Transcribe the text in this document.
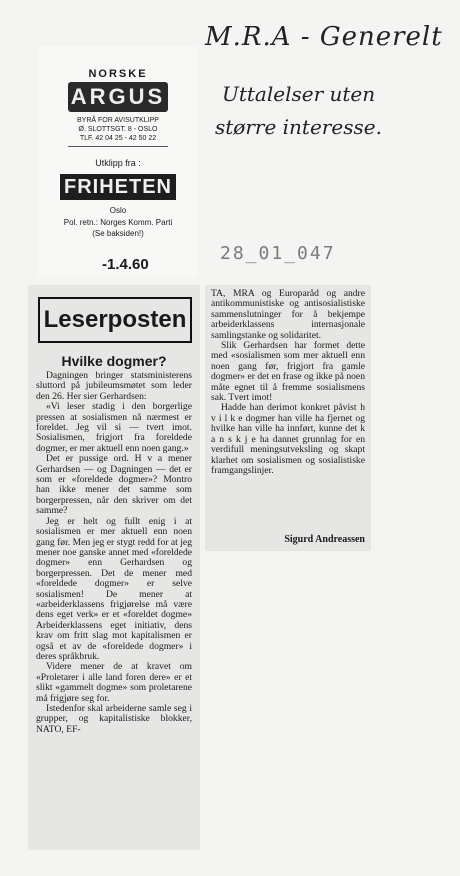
M.R.A - Generelt
Uttalelser uten
større interesse.
28_01_047
NORSKE
ARGUS
BYRÅ FOR AVISUTKLIPP
Ø. SLOTTSGT. 8 - OSLO
TLF. 42 04 25 - 42 50 22
Utklipp fra :
FRIHETEN
Oslo
Pol. retn.: Norges Komm. Parti
(Se baksiden!)
-1.4.60
Leserposten
Hvilke dogmer?

Dagningen bringer statsministerens sluttord på jubileumsmøtet som leder den 26. Her sier Gerhardsen:

«Vi leser stadig i den borgerlige pressen at sosialismen nå nærmest er foreldet. Jeg vil si — tvert imot. Sosialismen, frigjort fra foreldede dogmer, er mer aktuell enn noen gang.»

Det er pussige ord. H v a mener Gerhardsen — og Dagningen — det er som er «foreldede dogmer»? Montro han ikke mener det samme som borgerpressen, når den skriver om det samme?

Jeg er helt og fullt enig i at sosialismen er mer aktuell enn noen gang før. Men jeg er stygt redd for at jeg mener noe ganske annet med «foreldede dogmer» enn Gerhardsen og borgerpressen. Det de mener med «foreldede dogmer» er selve sosialismen! De mener at «arbeiderklassens frigjørelse må være dens eget verk» er et «foreldet dogme» Arbeiderklassens eget initiativ, dens krav om fritt slag mot kapitalismen er også et av de «foreldede dogmer» i deres språkbruk.

Videre mener de at kravet om «Proletarer i alle land foren dere» er et slikt «gammelt dogme» som proletarene må frigjøre seg for.

Istedenfor skal arbeiderne samle seg i grupper, og kapitalistiske blokker, NATO, EF-

TA, MRA og Europaråd og andre antikommunistiske og antisosialistiske sammenslutninger for å bekjempe arbeiderklassens internasjonale samlingstanke og solidaritet.

Slik Gerhardsen har formet dette med «sosialismen som mer aktuell enn noen gang før, frigjort fra gamle dogmer» er det en frase og ikke på noen måte egnet til å fremme sosialismens sak. Tvert imot!

Hadde han derimot konkret påvist h v i l k e dogmer han ville ha fjernet og hvilke han ville ha innført, kunne det k a n s k j e ha dannet grunnlag for en verdifull meningsutveksling og skapt klarhet om sosialismen og sosialistiske framgangslinjer.

Sigurd Andreassen
